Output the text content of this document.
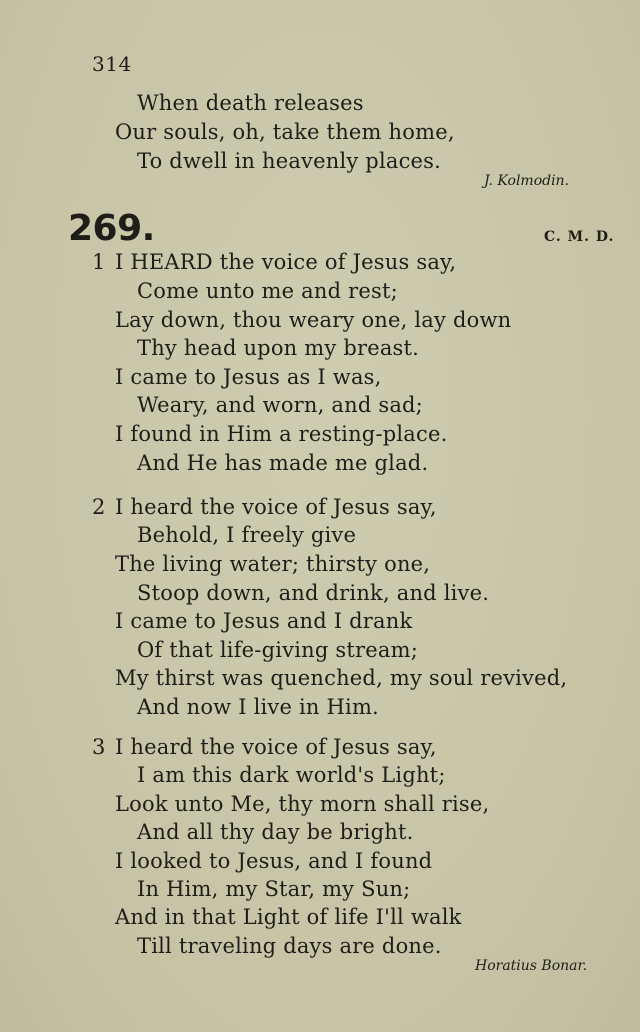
314
When death releases
Our souls, oh, take them home,
To dwell in heavenly places.
J. Kolmodin.
269.	C. M. D.
1 I HEARD the voice of Jesus say,
Come unto me and rest;
Lay down, thou weary one, lay down
Thy head upon my breast.
I came to Jesus as I was,
Weary, and worn, and sad;
I found in Him a resting-place.
And He has made me glad.
2 I heard the voice of Jesus say,
Behold, I freely give
The living water; thirsty one,
Stoop down, and drink, and live.
I came to Jesus and I drank
Of that life-giving stream;
My thirst was quenched, my soul revived,
And now I live in Him.
3 I heard the voice of Jesus say,
I am this dark world's Light;
Look unto Me, thy morn shall rise,
And all thy day be bright.
I looked to Jesus, and I found
In Him, my Star, my Sun;
And in that Light of life I'll walk
Till traveling days are done.
Horatius Bonar.
